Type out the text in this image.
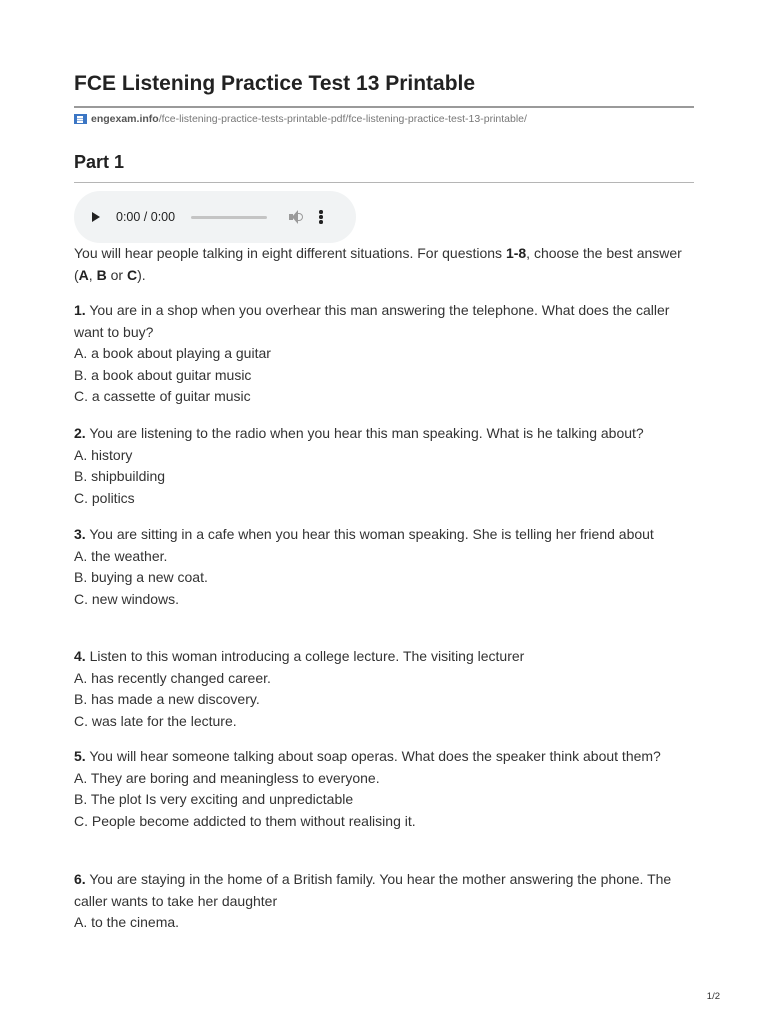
FCE Listening Practice Test 13 Printable
engexam.info /fce-listening-practice-tests-printable-pdf/fce-listening-practice-test-13-printable/
Part 1
0:00 / 0:00
You will hear people talking in eight different situations. For questions 1-8, choose the best answer (A, B or C).

1. You are in a shop when you overhear this man answering the telephone. What does the caller want to buy?

A. a book about playing a guitar

B. a book about guitar music

C. a cassette of guitar music

2. You are listening to the radio when you hear this man speaking. What is he talking about?

A. history

B. shipbuilding

C. politics

3. You are sitting in a cafe when you hear this woman speaking. She is telling her friend about

A. the weather.

B. buying a new coat.

C. new windows.

4. Listen to this woman introducing a college lecture. The visiting lecturer

A. has recently changed career.

B. has made a new discovery.

C. was late for the lecture.

5. You will hear someone talking about soap operas. What does the speaker think about them?

A. They are boring and meaningless to everyone.

B. The plot Is very exciting and unpredictable

C. People become addicted to them without realising it.

6. You are staying in the home of a British family. You hear the mother answering the phone. The caller wants to take her daughter

A. to the cinema.

1/2
